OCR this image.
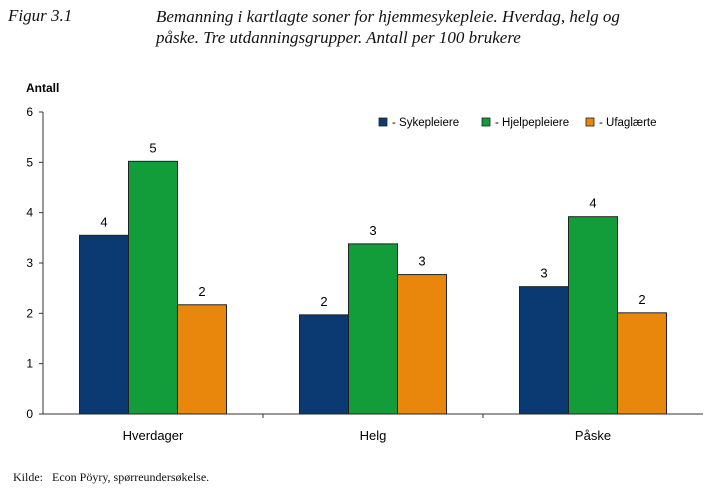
Figur 3.1	Bemanning i kartlagte soner for hjemmesykepleie. Hverdag, helg og
påske. Tre utdanningsgrupper. Antall per 100 brukere
Antall
0
1
2
3
4
5
6
Hverdager	Helg	Påske
4
5
2
2
3
3
3
4
2
- Sykepleiere	- Hjelpepleiere	- Ufaglærte
Kilde:   Econ Pöyry, spørreundersøkelse.
